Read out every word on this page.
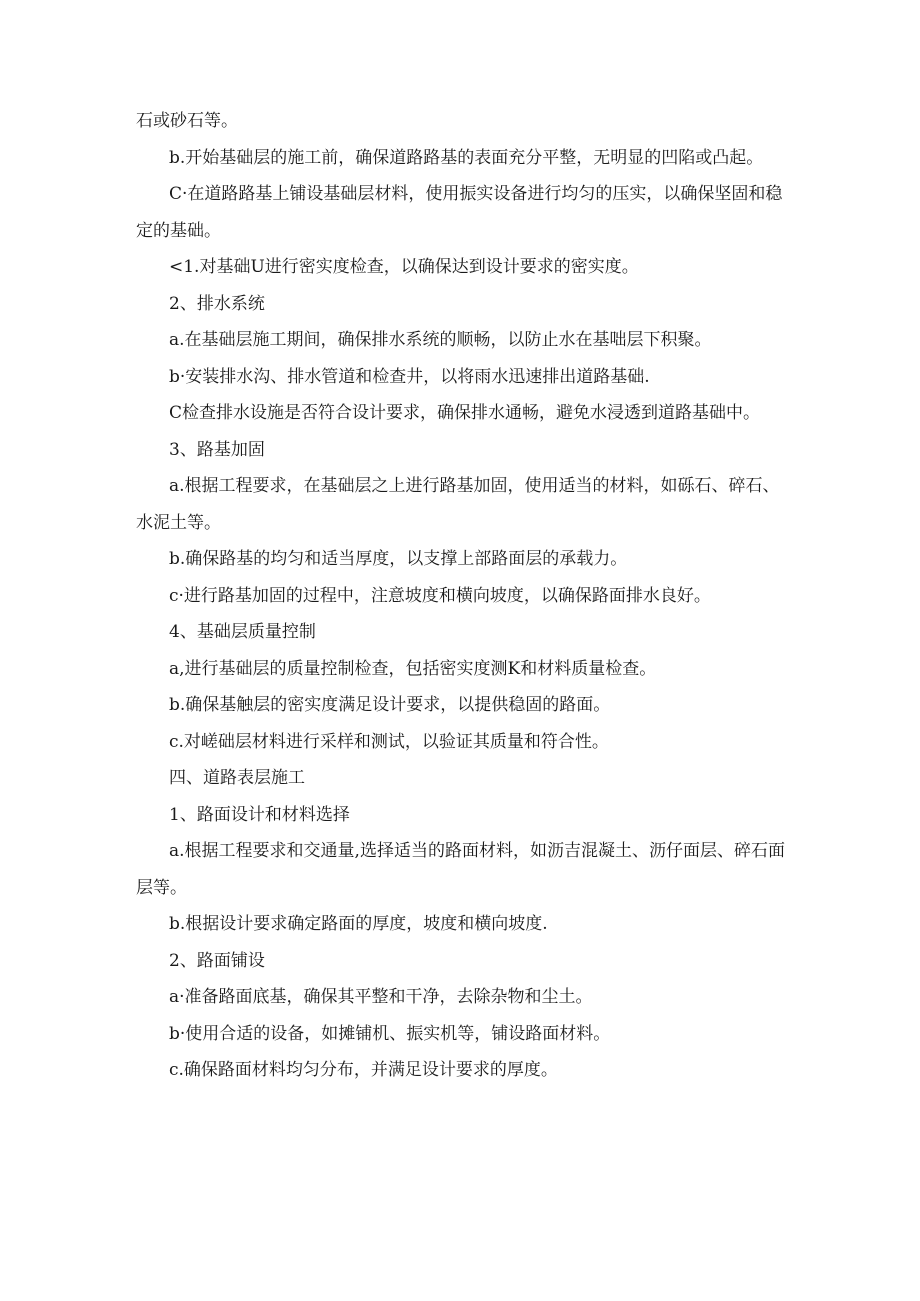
石或砂石等。

b.开始基础层的施工前，确保道路路基的表面充分平整，无明显的凹陷或凸起。

C·在道路路基上铺设基础层材料，使用振实设备进行均匀的压实，以确保坚固和稳定的基础。

<1.对基础U进行密实度检查，以确保达到设计要求的密实度。

2、排水系统

a.在基础层施工期间，确保排水系统的顺畅，以防止水在基咄层下积聚。

b·安装排水沟、排水管道和检查井，以将雨水迅速排出道路基础.

C检查排水设施是否符合设计要求，确保排水通畅，避免水浸透到道路基础中。

3、路基加固

a.根据工程要求，在基础层之上进行路基加固，使用适当的材料，如砾石、碎石、水泥土等。

b.确保路基的均匀和适当厚度，以支撑上部路面层的承载力。

c·进行路基加固的过程中，注意坡度和横向坡度，以确保路面排水良好。

4、基础层质量控制

a,进行基础层的质量控制检查，包括密实度测K和材料质量检查。

b.确保基触层的密实度满足设计要求，以提供稳固的路面。

c.对嵯础层材料进行采样和测试，以验证其质量和符合性。

四、道路表层施工

1、路面设计和材料选择

a.根据工程要求和交通量,选择适当的路面材料，如沥吉混凝土、沥仔面层、碎石面层等。

b.根据设计要求确定路面的厚度，坡度和横向坡度.

2、路面铺设

a·准备路面底基，确保其平整和干净，去除杂物和尘土。

b·使用合适的设备，如摊铺机、振实机等，铺设路面材料。

c.确保路面材料均匀分布，并满足设计要求的厚度。
